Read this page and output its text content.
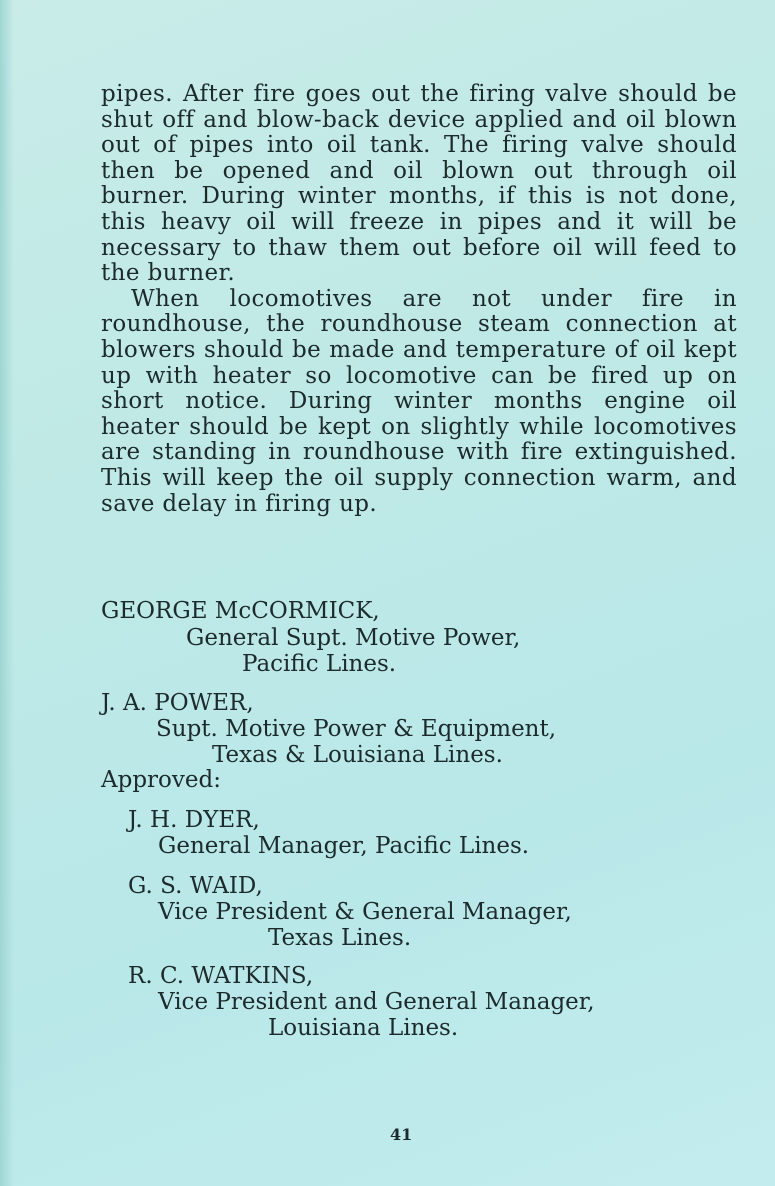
pipes. After fire goes out the firing valve should be shut off and blow-back device applied and oil blown out of pipes into oil tank. The firing valve should then be opened and oil blown out through oil burner. During winter months, if this is not done, this heavy oil will freeze in pipes and it will be necessary to thaw them out before oil will feed to the burner.

When locomotives are not under fire in roundhouse, the roundhouse steam connection at blowers should be made and temperature of oil kept up with heater so locomotive can be fired up on short notice. During winter months engine oil heater should be kept on slightly while locomotives are standing in roundhouse with fire extinguished. This will keep the oil supply connection warm, and save delay in firing up.

GEORGE McCORMICK,
General Supt. Motive Power,
Pacific Lines.
J. A. POWER,
Supt. Motive Power & Equipment,
Texas & Louisiana Lines.
Approved:
J. H. DYER,
General Manager, Pacific Lines.
G. S. WAID,
Vice President & General Manager,
Texas Lines.
R. C. WATKINS,
Vice President and General Manager,
Louisiana Lines.
41
